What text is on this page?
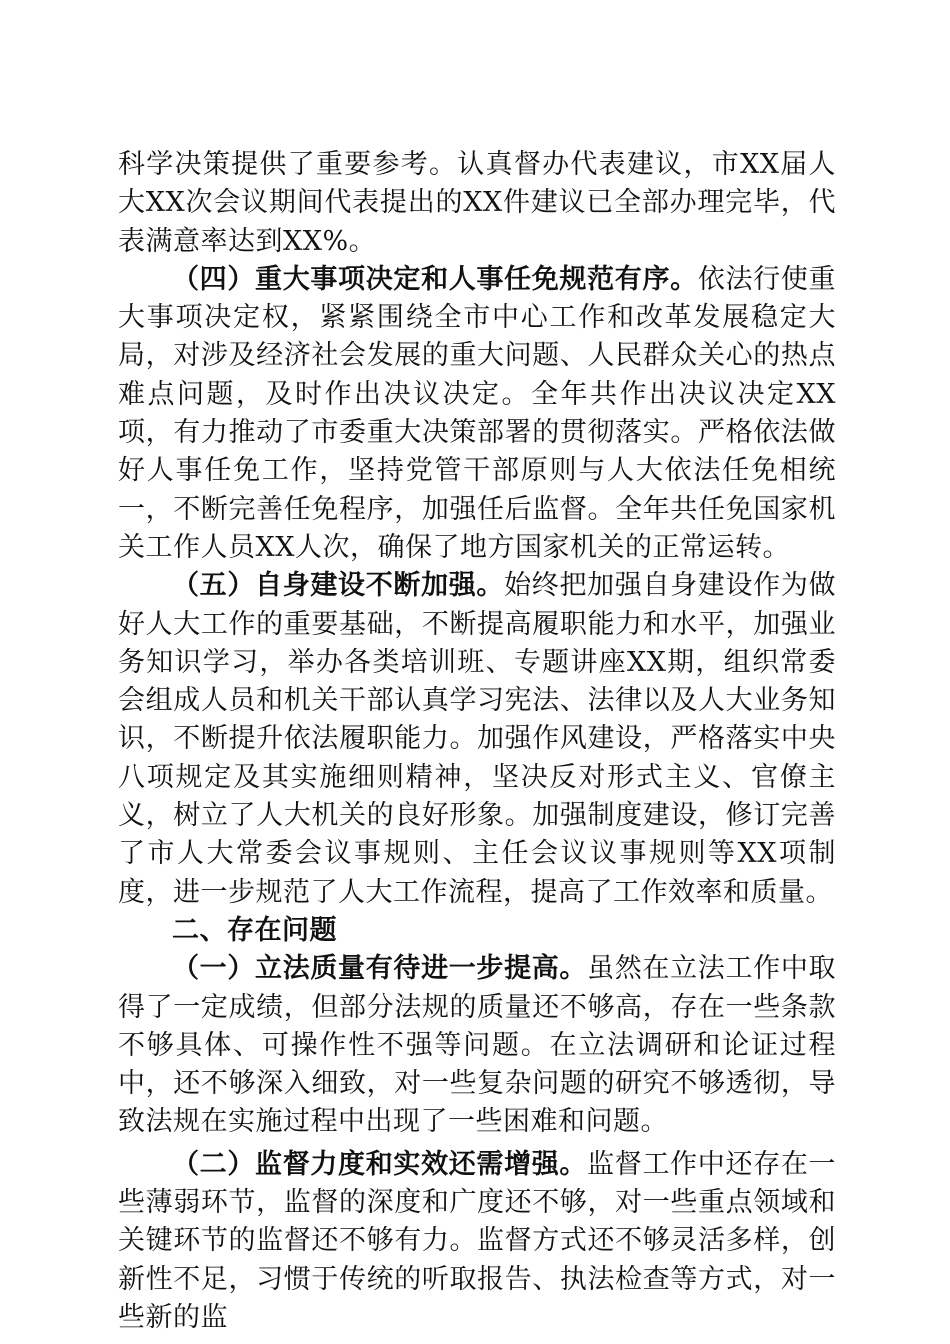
科学决策提供了重要参考。认真督办代表建议，市XX届人大XX次会议期间代表提出的XX件建议已全部办理完毕，代表满意率达到XX%。

（四）重大事项决定和人事任免规范有序。依法行使重大事项决定权，紧紧围绕全市中心工作和改革发展稳定大局，对涉及经济社会发展的重大问题、人民群众关心的热点难点问题，及时作出决议决定。全年共作出决议决定XX项，有力推动了市委重大决策部署的贯彻落实。严格依法做好人事任免工作，坚持党管干部原则与人大依法任免相统一，不断完善任免程序，加强任后监督。全年共任免国家机关工作人员XX人次，确保了地方国家机关的正常运转。

（五）自身建设不断加强。始终把加强自身建设作为做好人大工作的重要基础，不断提高履职能力和水平，加强业务知识学习，举办各类培训班、专题讲座XX期，组织常委会组成人员和机关干部认真学习宪法、法律以及人大业务知识，不断提升依法履职能力。加强作风建设，严格落实中央八项规定及其实施细则精神，坚决反对形式主义、官僚主义，树立了人大机关的良好形象。加强制度建设，修订完善了市人大常委会议事规则、主任会议议事规则等XX项制度，进一步规范了人大工作流程，提高了工作效率和质量。

二、存在问题

（一）立法质量有待进一步提高。虽然在立法工作中取得了一定成绩，但部分法规的质量还不够高，存在一些条款不够具体、可操作性不强等问题。在立法调研和论证过程中，还不够深入细致，对一些复杂问题的研究不够透彻，导致法规在实施过程中出现了一些困难和问题。

（二）监督力度和实效还需增强。监督工作中还存在一些薄弱环节，监督的深度和广度还不够，对一些重点领域和关键环节的监督还不够有力。监督方式还不够灵活多样，创新性不足，习惯于传统的听取报告、执法检查等方式，对一些新的监
